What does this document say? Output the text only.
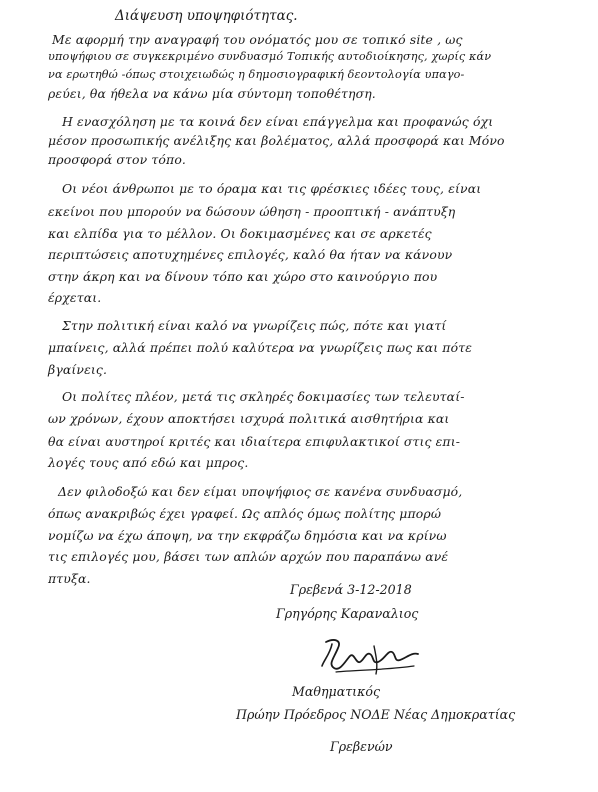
Διάψευση υποψηφιότητας.
Με αφορμή την αναγραφή του ονόματός μου σε τοπικό site , ως
υποψήφιου σε συγκεκριμένο συνδυασμό Τοπικής αυτοδιοίκησης, χωρίς κάν
να ερωτηθώ -όπως στοιχειωδώς η δημοσιογραφική δεοντολογία υπαγο-
ρεύει, θα ήθελα να κάνω μία σύντομη τοποθέτηση.
Η ενασχόληση με τα κοινά δεν είναι επάγγελμα και προφανώς όχι
μέσον προσωπικής ανέλιξης και βολέματος, αλλά προσφορά και Μόνο
προσφορά στον τόπο.
Οι νέοι άνθρωποι με το όραμα και τις φρέσκιες ιδέες τους, είναι
εκείνοι που μπορούν να δώσουν ώθηση - προοπτική - ανάπτυξη
και ελπίδα για το μέλλον. Οι δοκιμασμένες και σε αρκετές
περιπτώσεις αποτυχημένες επιλογές, καλό θα ήταν να κάνουν
στην άκρη και να δίνουν τόπο και χώρο στο καινούργιο που
έρχεται.
Στην πολιτική είναι καλό να γνωρίζεις πώς, πότε και γιατί
μπαίνεις, αλλά πρέπει πολύ καλύτερα να γνωρίζεις πως και πότε
βγαίνεις.
Οι πολίτες πλέον, μετά τις σκληρές δοκιμασίες των τελευταί-
ων χρόνων, έχουν αποκτήσει ισχυρά πολιτικά αισθητήρια και
θα είναι αυστηροί κριτές και ιδιαίτερα επιφυλακτικοί στις επι-
λογές τους από εδώ και μπρος.
Δεν φιλοδοξώ και δεν είμαι υποψήφιος σε κανένα συνδυασμό,
όπως ανακριβώς έχει γραφεί. Ως απλός όμως πολίτης μπορώ
νομίζω να έχω άποψη, να την εκφράζω δημόσια και να κρίνω
τις επιλογές μου, βάσει των απλών αρχών που παραπάνω ανέ
πτυξα.
Γρεβενά 3-12-2018
Γρηγόρης Καραναλιος
Μαθηματικός
Πρώην Πρόεδρος ΝΟΔΕ Νέας Δημοκρατίας
Γρεβενών
